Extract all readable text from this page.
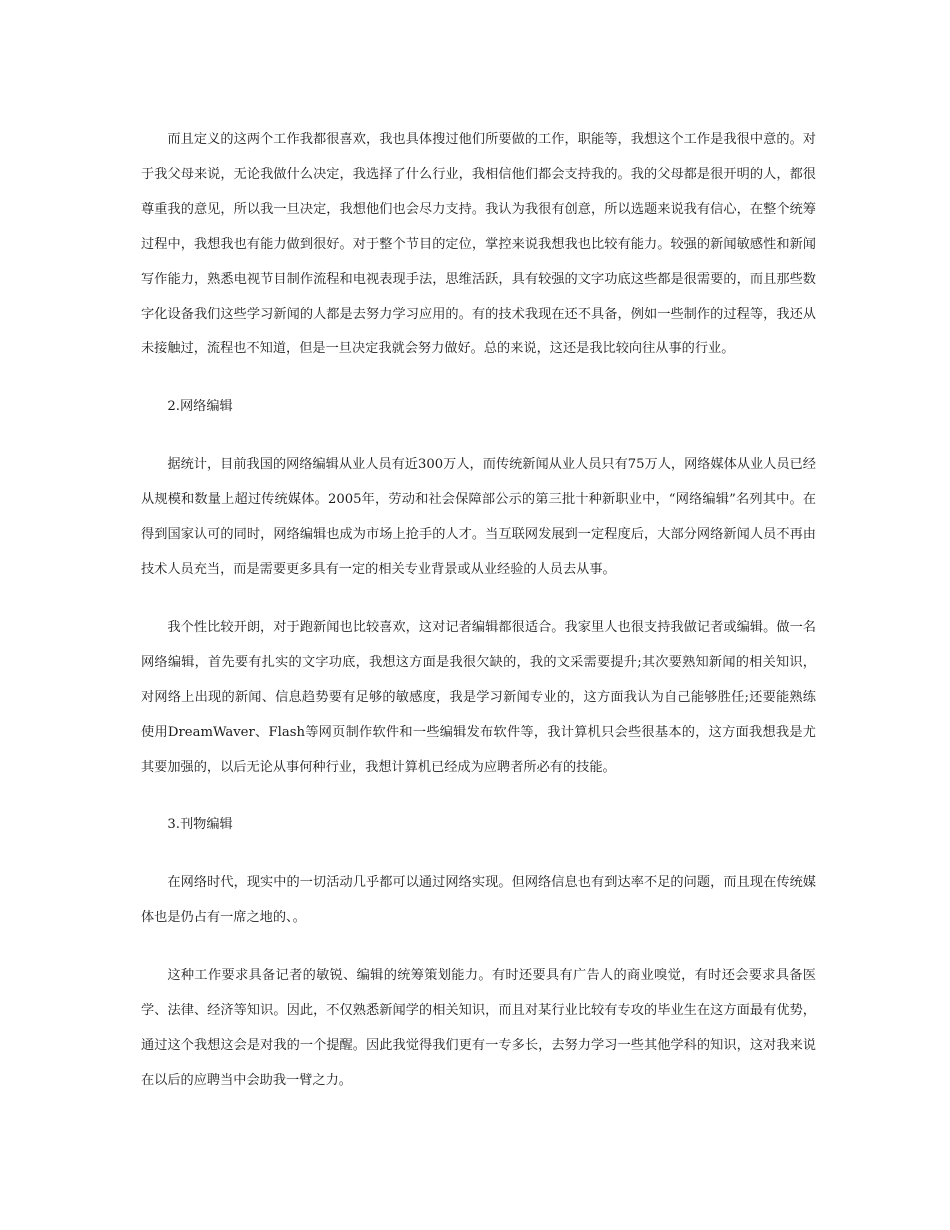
而且定义的这两个工作我都很喜欢，我也具体搜过他们所要做的工作，职能等，我想这个工作是我很中意的。对于我父母来说，无论我做什么决定，我选择了什么行业，我相信他们都会支持我的。我的父母都是很开明的人，都很尊重我的意见，所以我一旦决定，我想他们也会尽力支持。我认为我很有创意，所以选题来说我有信心，在整个统筹过程中，我想我也有能力做到很好。对于整个节目的定位，掌控来说我想我也比较有能力。较强的新闻敏感性和新闻写作能力，熟悉电视节目制作流程和电视表现手法，思维活跃，具有较强的文字功底这些都是很需要的，而且那些数字化设备我们这些学习新闻的人都是去努力学习应用的。有的技术我现在还不具备，例如一些制作的过程等，我还从未接触过，流程也不知道，但是一旦决定我就会努力做好。总的来说，这还是我比较向往从事的行业。

2.网络编辑

据统计，目前我国的网络编辑从业人员有近300万人，而传统新闻从业人员只有75万人，网络媒体从业人员已经从规模和数量上超过传统媒体。2005年，劳动和社会保障部公示的第三批十种新职业中，“网络编辑”名列其中。在得到国家认可的同时，网络编辑也成为市场上抢手的人才。当互联网发展到一定程度后，大部分网络新闻人员不再由技术人员充当，而是需要更多具有一定的相关专业背景或从业经验的人员去从事。

我个性比较开朗，对于跑新闻也比较喜欢，这对记者编辑都很适合。我家里人也很支持我做记者或编辑。做一名网络编辑，首先要有扎实的文字功底，我想这方面是我很欠缺的，我的文采需要提升;其次要熟知新闻的相关知识，对网络上出现的新闻、信息趋势要有足够的敏感度，我是学习新闻专业的，这方面我认为自己能够胜任;还要能熟练使用DreamWaver、Flash等网页制作软件和一些编辑发布软件等，我计算机只会些很基本的，这方面我想我是尤其要加强的，以后无论从事何种行业，我想计算机已经成为应聘者所必有的技能。

3.刊物编辑

在网络时代，现实中的一切活动几乎都可以通过网络实现。但网络信息也有到达率不足的问题，而且现在传统媒体也是仍占有一席之地的、。

这种工作要求具备记者的敏锐、编辑的统筹策划能力。有时还要具有广告人的商业嗅觉，有时还会要求具备医学、法律、经济等知识。因此，不仅熟悉新闻学的相关知识，而且对某行业比较有专攻的毕业生在这方面最有优势，通过这个我想这会是对我的一个提醒。因此我觉得我们更有一专多长，去努力学习一些其他学科的知识，这对我来说在以后的应聘当中会助我一臂之力。
